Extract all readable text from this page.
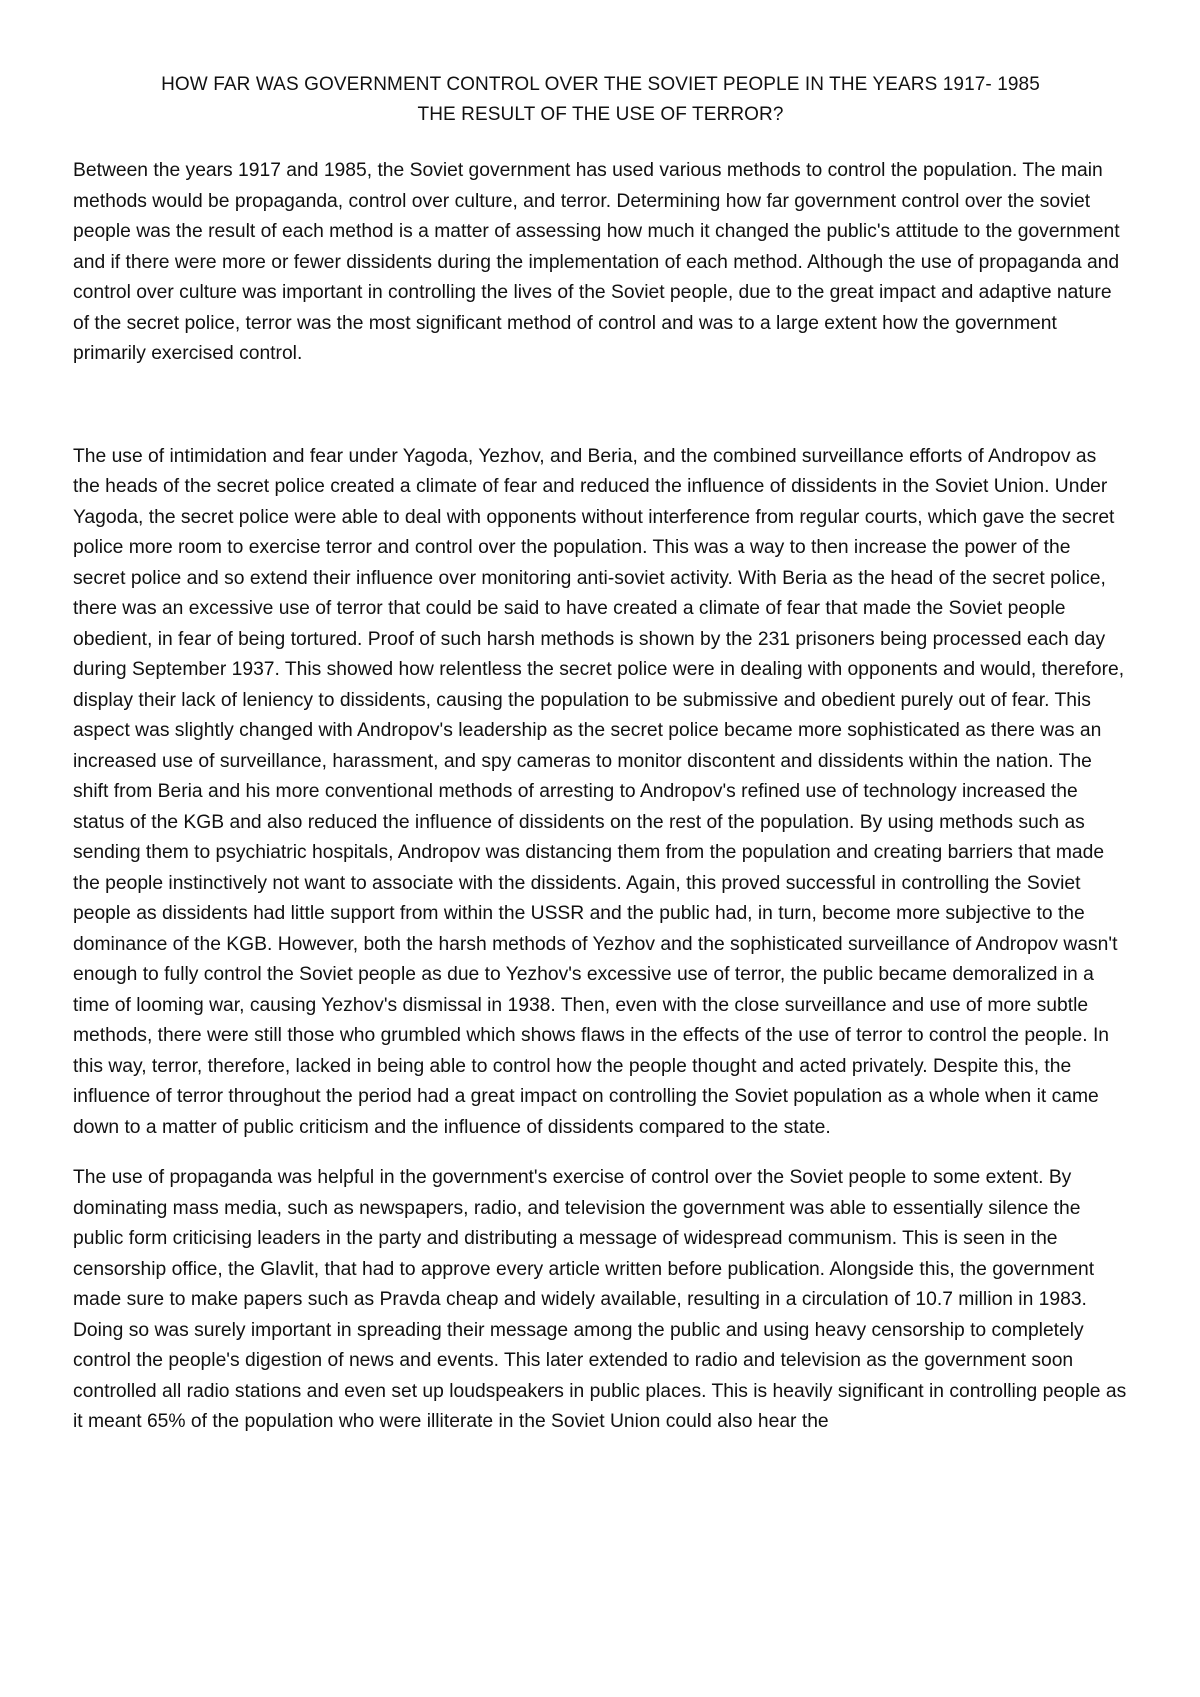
HOW FAR WAS GOVERNMENT CONTROL OVER THE SOVIET PEOPLE IN THE YEARS 1917- 1985
THE RESULT OF THE USE OF TERROR?

Between the years 1917 and 1985, the Soviet government has used various methods to control the population. The main methods would be propaganda, control over culture, and terror. Determining how far government control over the soviet people was the result of each method is a matter of assessing how much it changed the public's attitude to the government and if there were more or fewer dissidents during the implementation of each method. Although the use of propaganda and control over culture was important in controlling the lives of the Soviet people, due to the great impact and adaptive nature of the secret police, terror was the most significant method of control and was to a large extent how the government primarily exercised control.

The use of intimidation and fear under Yagoda, Yezhov, and Beria, and the combined surveillance efforts of Andropov as the heads of the secret police created a climate of fear and reduced the influence of dissidents in the Soviet Union. Under Yagoda, the secret police were able to deal with opponents without interference from regular courts, which gave the secret police more room to exercise terror and control over the population. This was a way to then increase the power of the secret police and so extend their influence over monitoring anti-soviet activity. With Beria as the head of the secret police, there was an excessive use of terror that could be said to have created a climate of fear that made the Soviet people obedient, in fear of being tortured. Proof of such harsh methods is shown by the 231 prisoners being processed each day during September 1937. This showed how relentless the secret police were in dealing with opponents and would, therefore, display their lack of leniency to dissidents, causing the population to be submissive and obedient purely out of fear. This aspect was slightly changed with Andropov's leadership as the secret police became more sophisticated as there was an increased use of surveillance, harassment, and spy cameras to monitor discontent and dissidents within the nation. The shift from Beria and his more conventional methods of arresting to Andropov's refined use of technology increased the status of the KGB and also reduced the influence of dissidents on the rest of the population. By using methods such as sending them to psychiatric hospitals, Andropov was distancing them from the population and creating barriers that made the people instinctively not want to associate with the dissidents. Again, this proved successful in controlling the Soviet people as dissidents had little support from within the USSR and the public had, in turn, become more subjective to the dominance of the KGB. However, both the harsh methods of Yezhov and the sophisticated surveillance of Andropov wasn't enough to fully control the Soviet people as due to Yezhov's excessive use of terror, the public became demoralized in a time of looming war, causing Yezhov's dismissal in 1938. Then, even with the close surveillance and use of more subtle methods, there were still those who grumbled which shows flaws in the effects of the use of terror to control the people. In this way, terror, therefore, lacked in being able to control how the people thought and acted privately. Despite this, the influence of terror throughout the period had a great impact on controlling the Soviet population as a whole when it came down to a matter of public criticism and the influence of dissidents compared to the state.

The use of propaganda was helpful in the government's exercise of control over the Soviet people to some extent. By dominating mass media, such as newspapers, radio, and television the government was able to essentially silence the public form criticising leaders in the party and distributing a message of widespread communism. This is seen in the censorship office, the Glavlit, that had to approve every article written before publication. Alongside this, the government made sure to make papers such as Pravda cheap and widely available, resulting in a circulation of 10.7 million in 1983. Doing so was surely important in spreading their message among the public and using heavy censorship to completely control the people's digestion of news and events. This later extended to radio and television as the government soon controlled all radio stations and even set up loudspeakers in public places. This is heavily significant in controlling people as it meant 65% of the population who were illiterate in the Soviet Union could also hear the
